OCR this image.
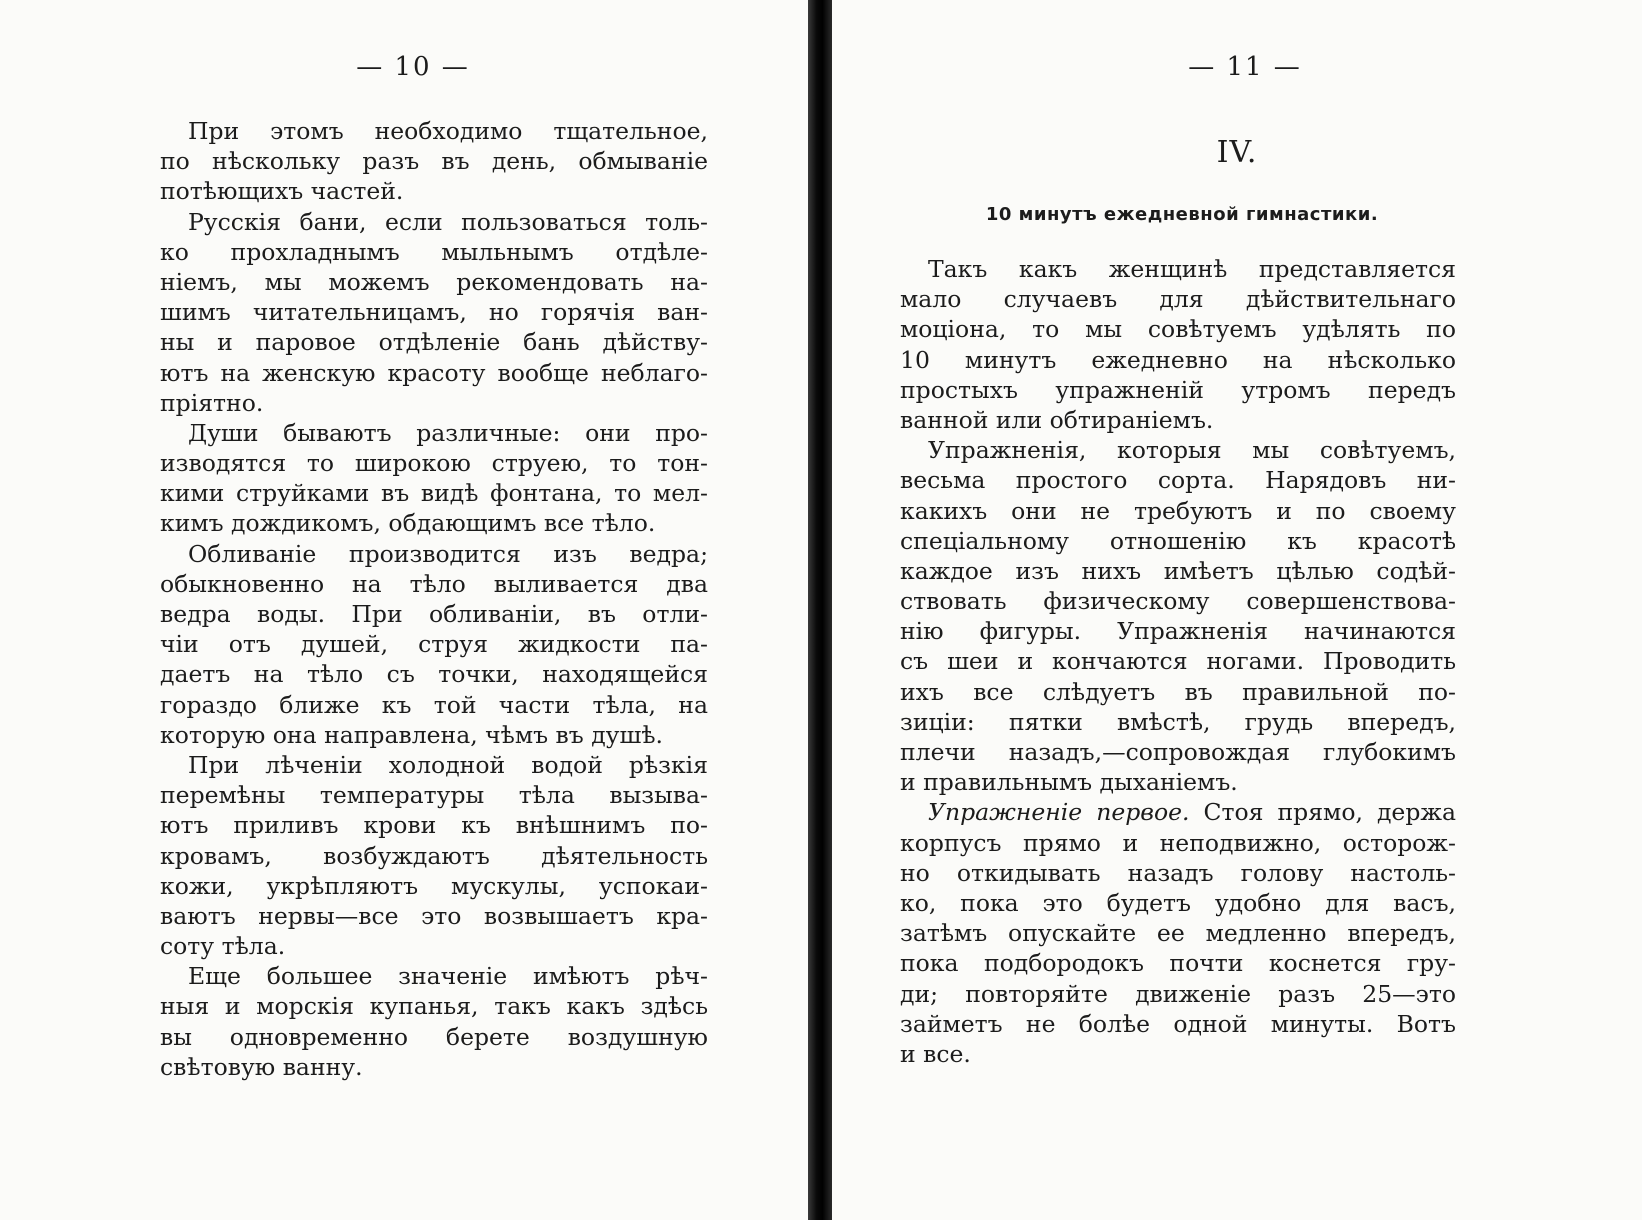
— 10 —
При этомъ необходимо тщательное,
по нѣскольку разъ въ день, обмываніе
потѣющихъ частей.
Русскія бани, если пользоваться толь-
ко прохладнымъ мыльнымъ отдѣле-
ніемъ, мы можемъ рекомендовать на-
шимъ читательницамъ, но горячія ван-
ны и паровое отдѣленіе бань дѣйству-
ютъ на женскую красоту вообще неблаго-
пріятно.
Души бываютъ различные: они про-
изводятся то широкою струею, то тон-
кими струйками въ видѣ фонтана, то мел-
кимъ дождикомъ, обдающимъ все тѣло.
Обливаніе производится изъ ведра;
обыкновенно на тѣло выливается два
ведра воды. При обливаніи, въ отли-
чіи отъ душей, струя жидкости па-
даетъ на тѣло съ точки, находящейся
гораздо ближе къ той части тѣла, на
которую она направлена, чѣмъ въ душѣ.
При лѣченіи холодной водой рѣзкія
перемѣны температуры тѣла вызыва-
ютъ приливъ крови къ внѣшнимъ по-
кровамъ, возбуждаютъ дѣятельность
кожи, укрѣпляютъ мускулы, успокаи-
ваютъ нервы—все это возвышаетъ кра-
соту тѣла.
Еще большее значеніе имѣютъ рѣч-
ныя и морскія купанья, такъ какъ здѣсь
вы одновременно берете воздушную
свѣтовую ванну.
— 11 —
IV.
10 минутъ ежедневной гимнастики.
Такъ какъ женщинѣ представляется
мало случаевъ для дѣйствительнаго
моціона, то мы совѣтуемъ удѣлять по
10 минутъ ежедневно на нѣсколько
простыхъ упражненій утромъ передъ
ванной или обтираніемъ.
Упражненія, которыя мы совѣтуемъ,
весьма простого сорта. Нарядовъ ни-
какихъ они не требуютъ и по своему
спеціальному отношенію къ красотѣ
каждое изъ нихъ имѣетъ цѣлью содѣй-
ствовать физическому совершенствова-
нію фигуры. Упражненія начинаются
съ шеи и кончаются ногами. Проводить
ихъ все слѣдуетъ въ правильной по-
зиціи: пятки вмѣстѣ, грудь впередъ,
плечи назадъ,—сопровождая глубокимъ
и правильнымъ дыханіемъ.
Упражненіе первое. Стоя прямо, держа
корпусъ прямо и неподвижно, осторож-
но откидывать назадъ голову настоль-
ко, пока это будетъ удобно для васъ,
затѣмъ опускайте ее медленно впередъ,
пока подбородокъ почти коснется гру-
ди; повторяйте движеніе разъ 25—это
займетъ не болѣе одной минуты. Вотъ
и все.
